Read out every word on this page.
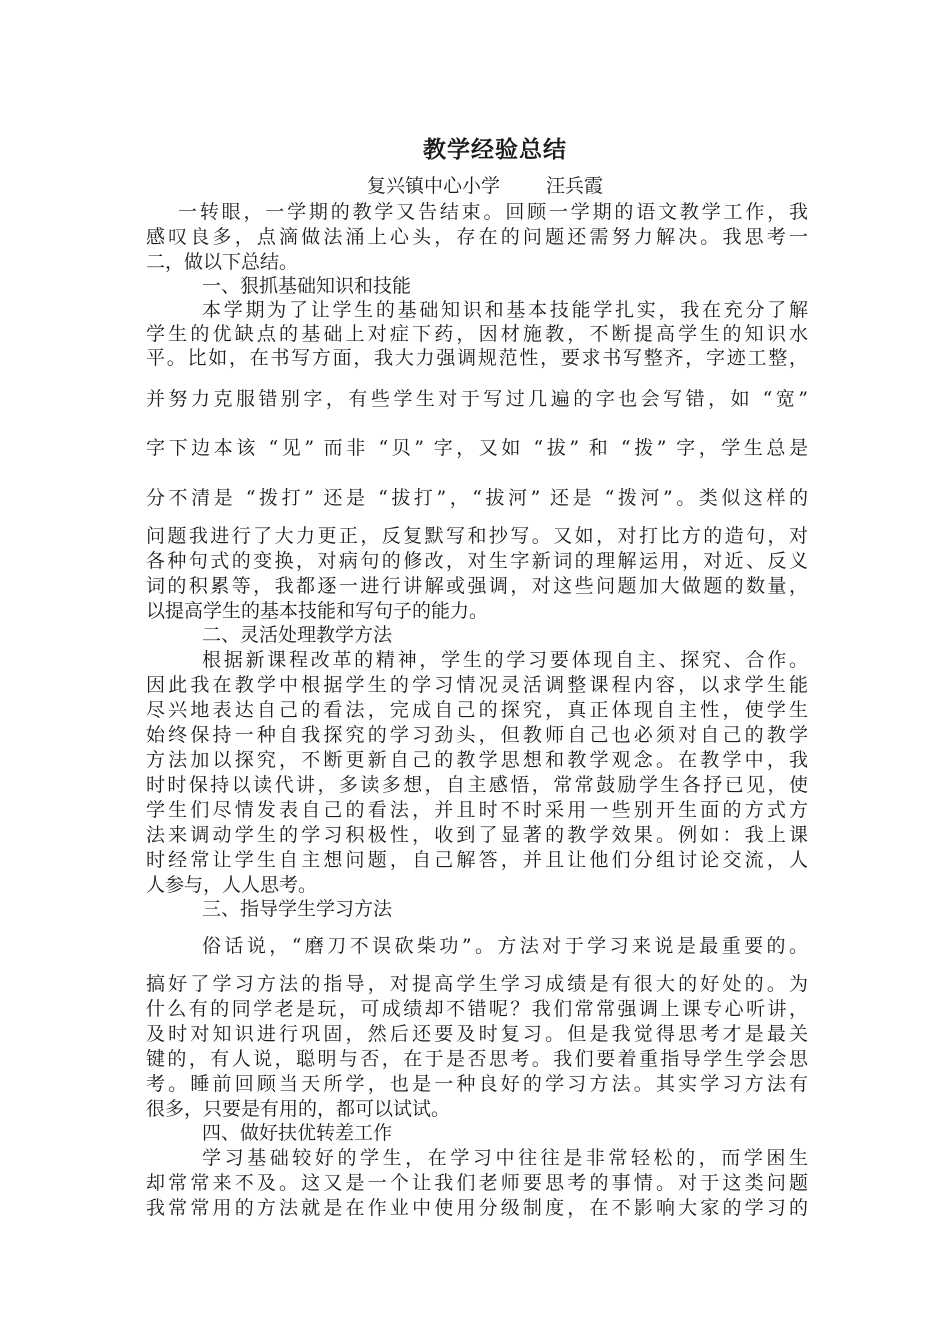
教学经验总结
复兴镇中心小学 汪兵霞
一转眼，一学期的教学又告结束。回顾一学期的语文教学工作，我
感叹良多，点滴做法涌上心头，存在的问题还需努力解决。我思考一
二，做以下总结。
一、狠抓基础知识和技能
本学期为了让学生的基础知识和基本技能学扎实，我在充分了解
学生的优缺点的基础上对症下药，因材施教，不断提高学生的知识水
平。比如，在书写方面，我大力强调规范性，要求书写整齐，字迹工整，
并努力克服错别字，有些学生对于写过几遍的字也会写错，如 “宽”
字下边本该 “见” 而非 “贝” 字，又如 “拔” 和 “拨” 字，学生总是
分不清是 “拨打” 还是 “拔打”，“拔河” 还是 “拨河”。类似这样的
问题我进行了大力更正，反复默写和抄写。又如，对打比方的造句，对
各种句式的变换，对病句的修改，对生字新词的理解运用，对近、反义
词的积累等，我都逐一进行讲解或强调，对这些问题加大做题的数量，
以提高学生的基本技能和写句子的能力。
二、灵活处理教学方法
根据新课程改革的精神，学生的学习要体现自主、探究、合作。
因此我在教学中根据学生的学习情况灵活调整课程内容，以求学生能
尽兴地表达自己的看法，完成自己的探究，真正体现自主性，使学生
始终保持一种自我探究的学习劲头，但教师自己也必须对自己的教学
方法加以探究，不断更新自己的教学思想和教学观念。在教学中，我
时时保持以读代讲，多读多想，自主感悟，常常鼓励学生各抒已见，使
学生们尽情发表自己的看法，并且时不时采用一些别开生面的方式方
法来调动学生的学习积极性，收到了显著的教学效果。例如：我上课
时经常让学生自主想问题，自己解答，并且让他们分组讨论交流，人
人参与，人人思考。
三、指导学生学习方法
俗话说，“磨刀不误砍柴功”。方法对于学习来说是最重要的。
搞好了学习方法的指导，对提高学生学习成绩是有很大的好处的。为
什么有的同学老是玩，可成绩却不错呢？我们常常强调上课专心听讲，
及时对知识进行巩固，然后还要及时复习。但是我觉得思考才是最关
键的，有人说，聪明与否，在于是否思考。我们要着重指导学生学会思
考。睡前回顾当天所学，也是一种良好的学习方法。其实学习方法有
很多，只要是有用的，都可以试试。
四、做好扶优转差工作
学习基础较好的学生，在学习中往往是非常轻松的，而学困生
却常常来不及。这又是一个让我们老师要思考的事情。对于这类问题
我常常用的方法就是在作业中使用分级制度，在不影响大家的学习的
